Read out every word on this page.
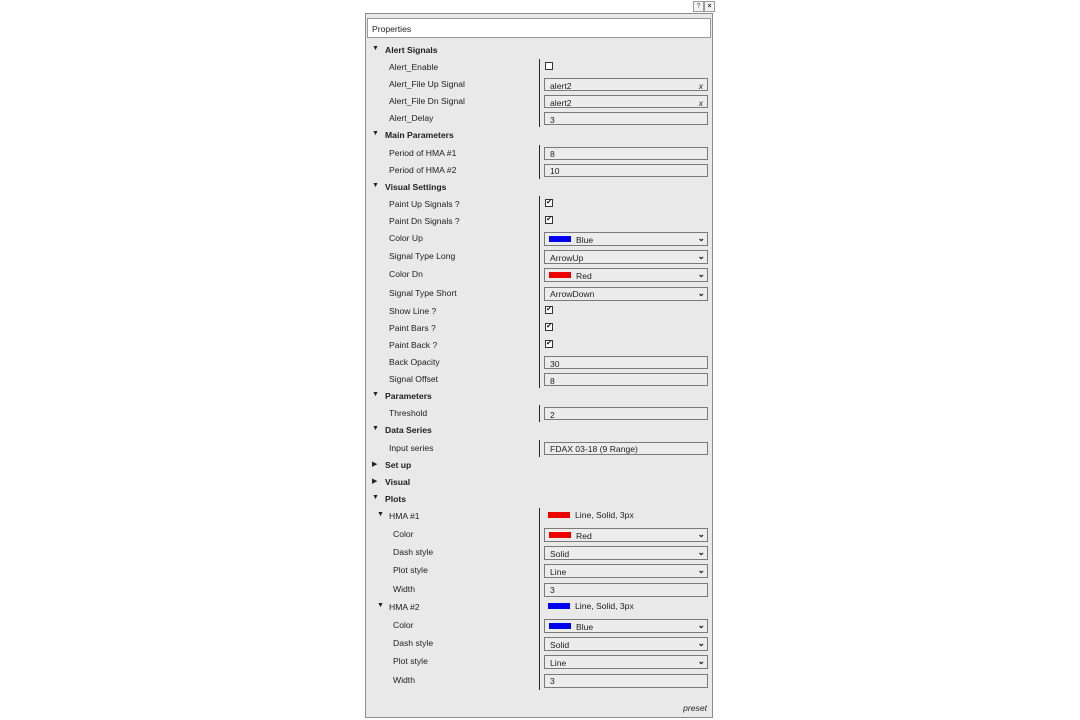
?	×
Properties
▼ Alert Signals
Alert_Enable
Alert_File Up Signal	alert2	x
Alert_File Dn Signal	alert2	x
Alert_Delay	3
▼ Main Parameters
Period of HMA #1	8
Period of HMA #2	10
▼ Visual Settings
Paint Up Signals ?	✔
Paint Dn Signals ?	✔
Color Up	Blue	⌄
Signal Type Long	ArrowUp	⌄
Color Dn	Red	⌄
Signal Type Short	ArrowDown	⌄
Show Line ?	✔
Paint Bars ?	✔
Paint Back ?	✔
Back Opacity	30
Signal Offset	8
▼ Parameters
Threshold	2
▼ Data Series
Input series	FDAX 03-18 (9 Range)
▶ Set up
▶ Visual
▼ Plots
▼ HMA #1	Line, Solid, 3px
Color	Red	⌄
Dash style	Solid	⌄
Plot style	Line	⌄
Width	3
▼ HMA #2	Line, Solid, 3px
Color	Blue	⌄
Dash style	Solid	⌄
Plot style	Line	⌄
Width	3
preset
